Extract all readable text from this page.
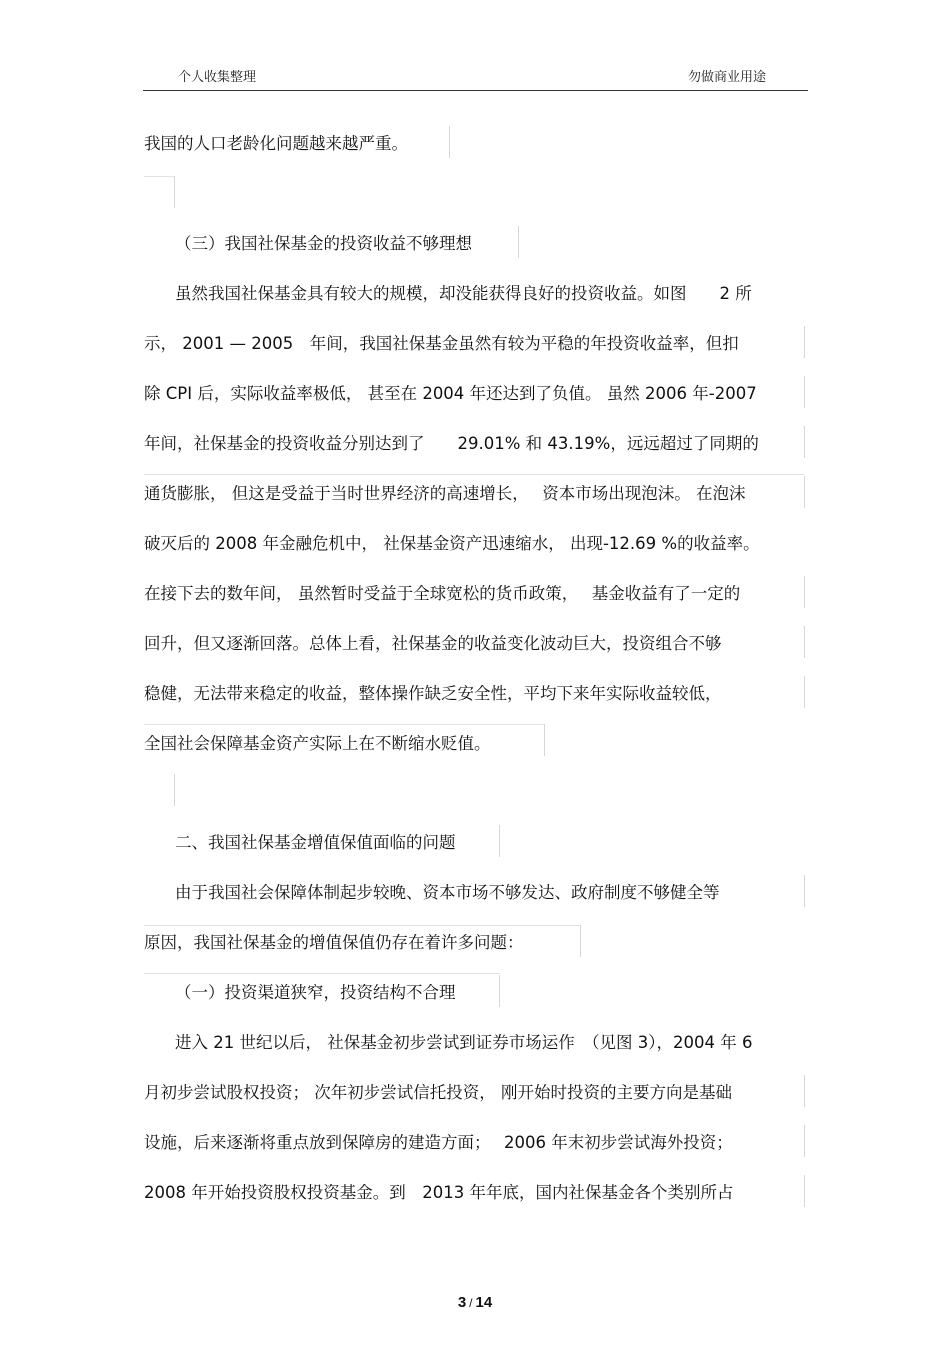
个人收集整理	勿做商业用途
我国的人口老龄化问题越来越严重。
（三）我国社保基金的投资收益不够理想
虽然我国社保基金具有较大的规模，却没能获得良好的投资收益。如图　　2 所
示， 2001 — 2005　年间，我国社保基金虽然有较为平稳的年投资收益率，但扣
除 CPI 后，实际收益率极低， 甚至在 2004 年还达到了负值。 虽然 2006 年-2007
年间，社保基金的投资收益分别达到了　　29.01% 和 43.19%，远远超过了同期的
通货膨胀， 但这是受益于当时世界经济的高速增长，　 资本市场出现泡沫。 在泡沫
破灭后的 2008 年金融危机中， 社保基金资产迅速缩水， 出现-12.69 %的收益率。
在接下去的数年间， 虽然暂时受益于全球宽松的货币政策，　 基金收益有了一定的
回升，但又逐渐回落。总体上看，社保基金的收益变化波动巨大，投资组合不够
稳健，无法带来稳定的收益，整体操作缺乏安全性，平均下来年实际收益较低，
全国社会保障基金资产实际上在不断缩水贬值。
二、我国社保基金增值保值面临的问题
由于我国社会保障体制起步较晚、资本市场不够发达、政府制度不够健全等
原因，我国社保基金的增值保值仍存在着许多问题：
（一）投资渠道狭窄，投资结构不合理
进入 21 世纪以后， 社保基金初步尝试到证券市场运作　（见图 3），2004 年 6
月初步尝试股权投资； 次年初步尝试信托投资， 刚开始时投资的主要方向是基础
设施，后来逐渐将重点放到保障房的建造方面；　 2006 年末初步尝试海外投资；
2008 年开始投资股权投资基金。到　2013 年年底，国内社保基金各个类别所占
3 / 14
